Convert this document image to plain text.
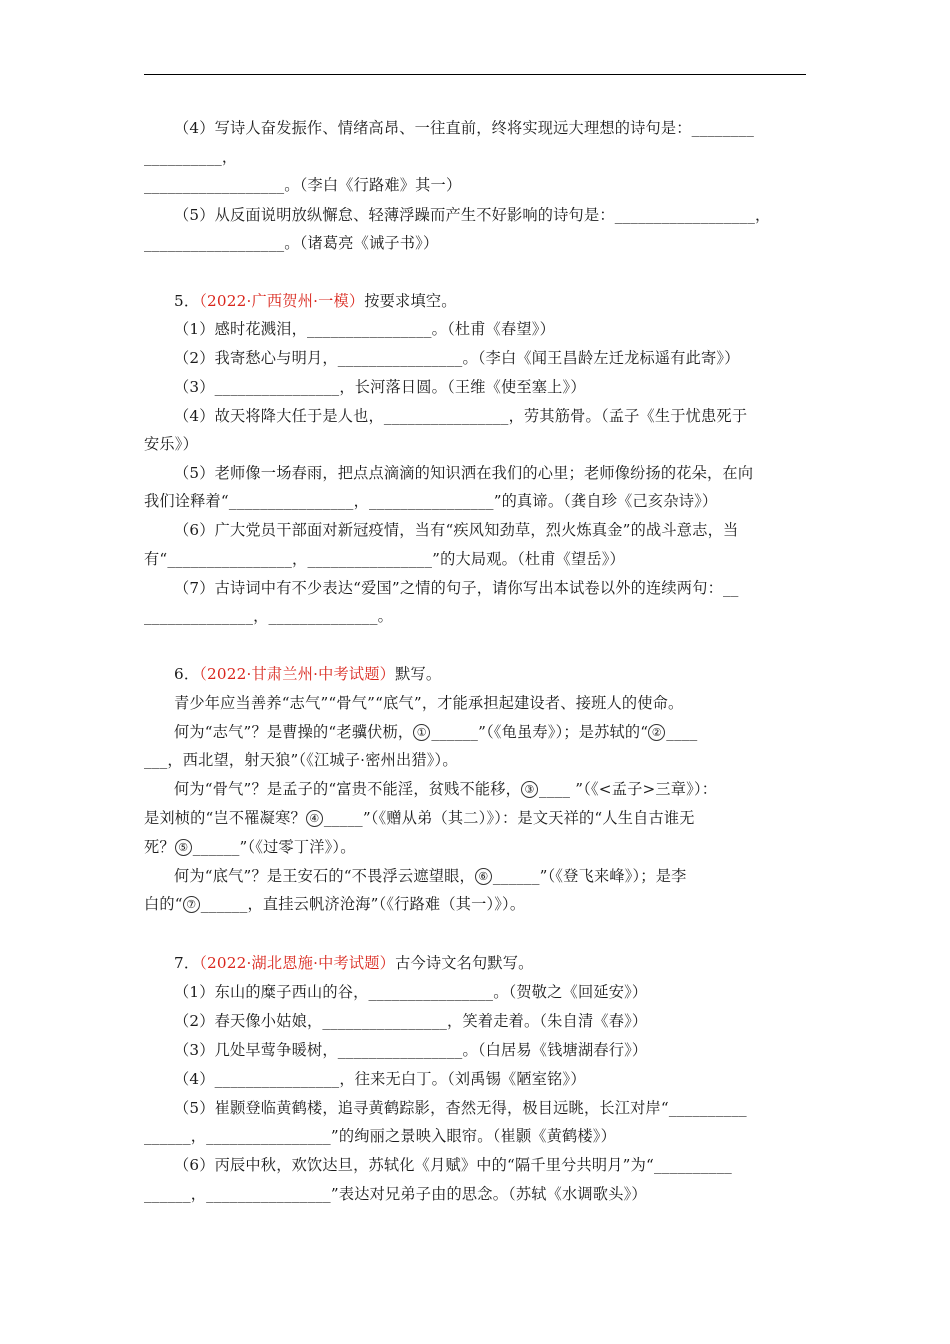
（4）写诗人奋发振作、情绪高昂、一往直前，终将实现远大理想的诗句是：________
__________，
__________________。（李白《行路难》其一）
（5）从反面说明放纵懈怠、轻薄浮躁而产生不好影响的诗句是：__________________，
__________________。（诸葛亮《诫子书》）
5．（2022·广西贺州·一模）按要求填空。
（1）感时花溅泪，________________。（杜甫《春望》）
（2）我寄愁心与明月，________________。（李白《闻王昌龄左迁龙标遥有此寄》）
（3）________________，长河落日圆。（王维《使至塞上》）
（4）故天将降大任于是人也，________________，劳其筋骨。（孟子《生于忧患死于
安乐》）
（5）老师像一场春雨，把点点滴滴的知识洒在我们的心里；老师像纷扬的花朵，在向
我们诠释着“________________，________________”的真谛。（龚自珍《己亥杂诗》）
（6）广大党员干部面对新冠疫情，当有“疾风知劲草，烈火炼真金”的战斗意志，当
有“________________，________________”的大局观。（杜甫《望岳》）
（7）古诗词中有不少表达“爱国”之情的句子，请你写出本试卷以外的连续两句：__
______________，______________。
6．（2022·甘肃兰州·中考试题）默写。
青少年应当善养“志气”“骨气”“底气”，才能承担起建设者、接班人的使命。
何为“志气”？是曹操的“老骥伏枥， ① ______”（《龟虽寿》）；是苏轼的“ ② ____
___，西北望，射天狼”（《江城子·密州出猎》）。
何为“骨气”？是孟子的“富贵不能淫，贫贱不能移， ③ ____ ”（《<孟子>三章》）：
是刘桢的“岂不罹凝寒？ ④ _____”（《赠从弟（其二）》）：是文天祥的“人生自古谁无
死？ ⑤ ______”（《过零丁洋》）。
何为“底气”？是王安石的“不畏浮云遮望眼， ⑥ ______”（《登飞来峰》）；是李
白的“ ⑦ ______，直挂云帆济沧海”（《行路难（其一）》）。
7．（2022·湖北恩施·中考试题）古今诗文名句默写。
（1）东山的糜子西山的谷，________________。（贺敬之《回延安》）
（2）春天像小姑娘，________________，笑着走着。（朱自清《春》）
（3）几处早莺争暖树，________________。（白居易《钱塘湖春行》）
（4）________________，往来无白丁。（刘禹锡《陋室铭》）
（5）崔颢登临黄鹤楼，追寻黄鹤踪影，杳然无得，极目远眺，长江对岸“__________
______，________________”的绚丽之景映入眼帘。（崔颢《黄鹤楼》）
（6）丙辰中秋，欢饮达旦，苏轼化《月赋》中的“隔千里兮共明月”为“__________
______，________________”表达对兄弟子由的思念。（苏轼《水调歌头》）
